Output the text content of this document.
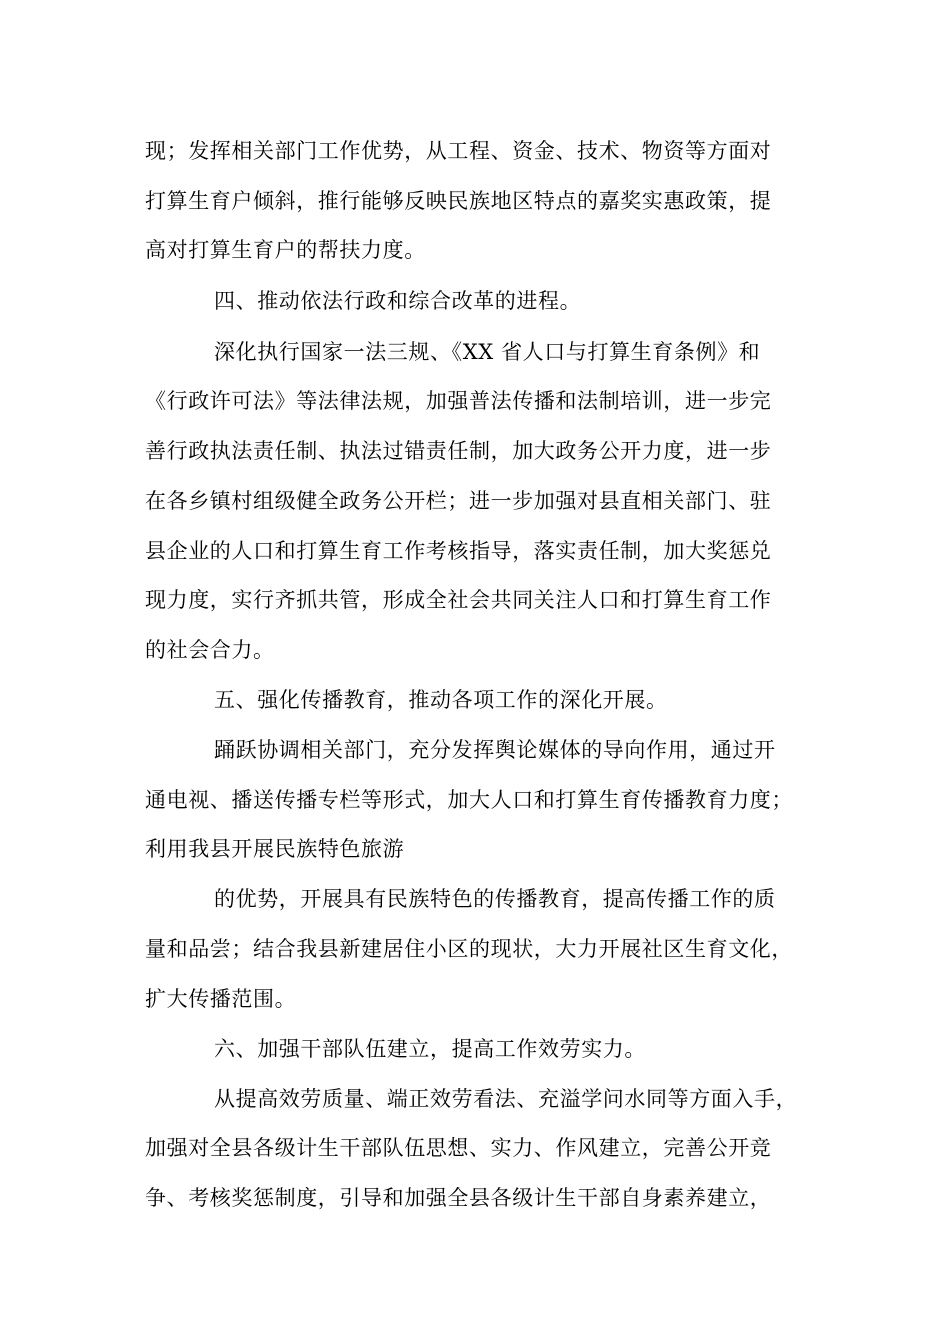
现；发挥相关部门工作优势，从工程、资金、技术、物资等方面对
打算生育户倾斜，推行能够反映民族地区特点的嘉奖实惠政策，提
高对打算生育户的帮扶力度。
四、推动依法行政和综合改革的进程。
深化执行国家一法三规、《XX 省人口与打算生育条例》和
《行政许可法》等法律法规，加强普法传播和法制培训，进一步完
善行政执法责任制、执法过错责任制，加大政务公开力度，进一步
在各乡镇村组级健全政务公开栏；进一步加强对县直相关部门、驻
县企业的人口和打算生育工作考核指导，落实责任制，加大奖惩兑
现力度，实行齐抓共管，形成全社会共同关注人口和打算生育工作
的社会合力。
五、强化传播教育，推动各项工作的深化开展。
踊跃协调相关部门，充分发挥舆论媒体的导向作用，通过开
通电视、播送传播专栏等形式，加大人口和打算生育传播教育力度；
利用我县开展民族特色旅游
的优势，开展具有民族特色的传播教育，提高传播工作的质
量和品尝；结合我县新建居住小区的现状，大力开展社区生育文化，
扩大传播范围。
六、加强干部队伍建立，提高工作效劳实力。
从提高效劳质量、端正效劳看法、充溢学问水同等方面入手，
加强对全县各级计生干部队伍思想、实力、作风建立，完善公开竞
争、考核奖惩制度，引导和加强全县各级计生干部自身素养建立，
